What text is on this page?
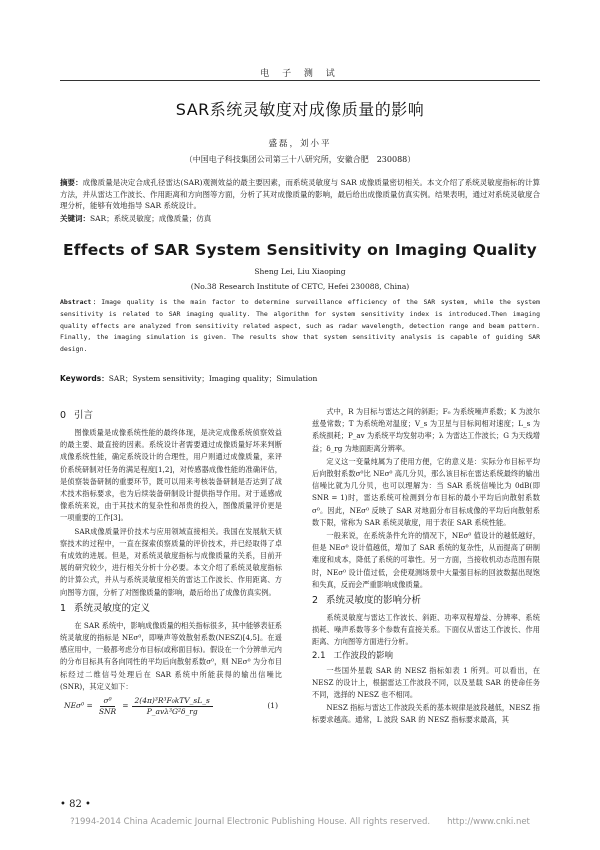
电 子 测 试
SAR系统灵敏度对成像质量的影响
盛磊，刘小平
（中国电子科技集团公司第三十八研究所，安徽合肥　230088）
摘要：成像质量是决定合成孔径雷达(SAR)观测效益的最主要因素，而系统灵敏度与 SAR 成像质量密切相关。本文介绍了系统灵敏度指标的计算方法，并从雷达工作波长、作用距离和方向图等方面，分析了其对成像质量的影响，最后给出成像质量仿真实例。结果表明，通过对系统灵敏度合理分析，能够有效地指导 SAR 系统设计。
关键词：SAR；系统灵敏度；成像质量；仿真
Effects of SAR System Sensitivity on Imaging Quality
Sheng Lei, Liu Xiaoping
(No.38 Research Institute of CETC, Hefei 230088, China)
Abstract：Image quality is the main factor to determine surveillance efficiency of the SAR system, while the system sensitivity is related to SAR imaging quality. The algorithm for system sensitivity index is introduced.Then imaging quality effects are analyzed from sensitivity related aspect, such as radar wavelength, detection range and beam pattern. Finally, the imaging simulation is given. The results show that system sensitivity analysis is capable of guiding SAR design.
Keywords：SAR；System sensitivity；Imaging quality；Simulation
0 引言

图像质量是成像系统性能的最终体现，是决定成像系统侦察效益的最主要、最直接的因素。系统设计者需要通过成像质量好坏来判断成像系统性能，确定系统设计的合理性，用户则通过成像质量，来评价系统研制对任务的满足程度[1,2]，对传感器成像性能的准确评估，是侦察装备研制的重要环节，既可以用来考核装备研制是否达到了战术技术指标要求，也为后续装备研制设计提供指导作用。对于遥感成像系统来说，由于其技术的复杂性和昂贵的投入，图像质量评价更是一项重要的工作[3]。

SAR成像质量评价技术与应用领域直接相关。我国在发展航天侦察技术的过程中，一直在探索侦察质量的评价技术，并已经取得了卓有成效的进展。但是，对系统灵敏度指标与成像质量的关系，目前开展的研究较少，进行相关分析十分必要。本文介绍了系统灵敏度指标的计算公式，并从与系统灵敏度相关的雷达工作波长、作用距离、方向图等方面，分析了对图像质量的影响，最后给出了成像仿真实例。

1 系统灵敏度的定义

在 SAR 系统中，影响成像质量的相关指标很多，其中能够表征系统灵敏度的指标是 NEσ⁰，即噪声等效散射系数(NESZ)[4,5]。在遥感应用中，一般都考虑分布目标(或称面目标)。假设在一个分辨单元内的分布目标具有各向同性的平均后向散射系数σ⁰，则 NEσ⁰ 为分布目标经过二维信号处理后在 SAR 系统中所能获得的输出信噪比(SNR)，其定义如下：

$NE\sigma^0 = \frac{\text{σ⁰}}{\text{SNR}} = \frac{\text{2(4π)³R³F₀kTV\_sL\_s}}{\text{P\_avλ³G²δ\_rg}}$	(1)

式中，R 为目标与雷达之间的斜距；F₀ 为系统噪声系数；K 为波尔兹曼常数；T 为系统绝对温度；V_s 为卫星与目标间相对速度；L_s 为系统损耗；P_av 为系统平均发射功率；λ 为雷达工作波长；G 为天线增益；δ_rg 为地面距离分辨率。

定义这一变量纯属为了使用方便，它的意义是：实际分布目标平均后向散射系数σ⁰比 NEσ⁰ 高几分贝，那么该目标在雷达系统最终的输出信噪比就为几分贝，也可以理解为：当 SAR 系统信噪比为 0dB(即 SNR = 1)时，雷达系统可检测到分布目标的最小平均后向散射系数σ⁰。因此，NEσ⁰ 反映了 SAR 对地面分布目标成像的平均后向散射系数下限，常称为 SAR 系统灵敏度，用于表征 SAR 系统性能。

一般来说，在系统条件允许的情况下，NEσ⁰ 值设计的越低越好，但是 NEσ⁰ 设计值越低，增加了 SAR 系统的复杂性，从而提高了研制难度和成本，降低了系统的可靠性。另一方面，当接收机动态范围有限时，NEσ⁰ 设计值过低，会使观测场景中大量强目标的回波数据出现饱和失真，反而会严重影响成像质量。

2 系统灵敏度的影响分析

系统灵敏度与雷达工作波长、斜距、功率双程增益、分辨率、系统损耗、噪声系数等多个参数有直接关系。下面仅从雷达工作波长、作用距离、方向图等方面进行分析。

2.1 工作波段的影响

一些国外星载 SAR 的 NESZ 指标如表 1 所列。可以看出，在 NESZ 的设计上，根据雷达工作波段不同，以及星载 SAR 的使命任务不同，选择的 NESZ 也不相同。

NESZ 指标与雷达工作波段关系的基本规律是波段越低，NESZ 指标要求越高。通常，L 波段 SAR 的 NESZ 指标要求最高，其

• 82 •
?1994-2014 China Academic Journal Electronic Publishing House. All rights reserved.　　http://www.cnki.net
